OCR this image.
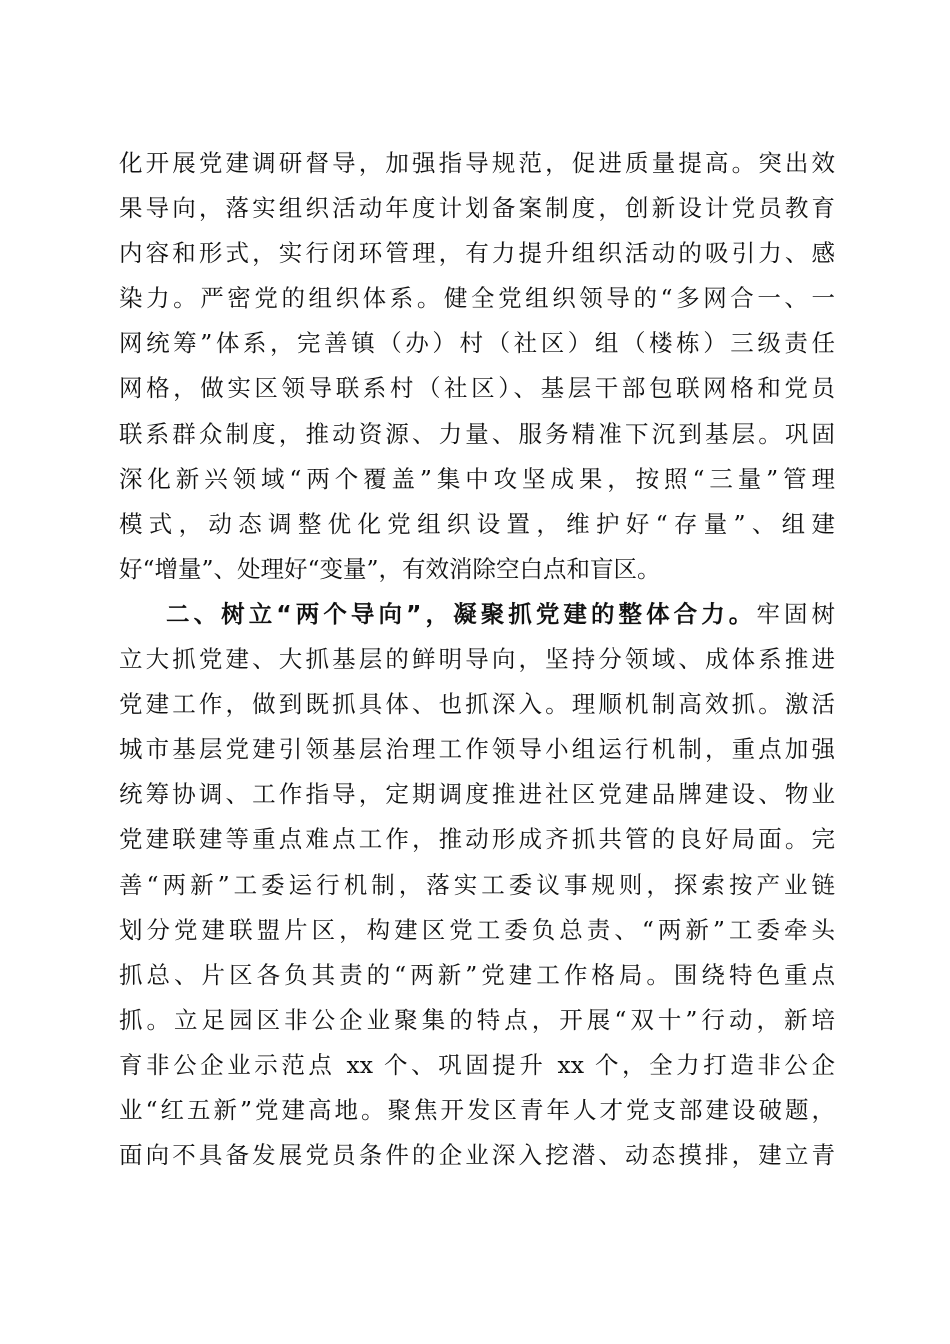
化开展党建调研督导，加强指导规范，促进质量提高。突出效
果导向，落实组织活动年度计划备案制度，创新设计党员教育
内容和形式，实行闭环管理，有力提升组织活动的吸引力、感
染力。严密党的组织体系。健全党组织领导的“多网合一、一
网统筹”体系，完善镇（办）村（社区）组（楼栋）三级责任
网格，做实区领导联系村（社区）、基层干部包联网格和党员
联系群众制度，推动资源、力量、服务精准下沉到基层。巩固
深化新兴领域“两个覆盖”集中攻坚成果，按照“三量”管理
模式，动态调整优化党组织设置，维护好“存量”、组建
好“增量”、处理好“变量”，有效消除空白点和盲区。
二、树立“两个导向”，凝聚抓党建的整体合力。牢固树
立大抓党建、大抓基层的鲜明导向，坚持分领域、成体系推进
党建工作，做到既抓具体、也抓深入。理顺机制高效抓。激活
城市基层党建引领基层治理工作领导小组运行机制，重点加强
统筹协调、工作指导，定期调度推进社区党建品牌建设、物业
党建联建等重点难点工作，推动形成齐抓共管的良好局面。完
善“两新”工委运行机制，落实工委议事规则，探索按产业链
划分党建联盟片区，构建区党工委负总责、“两新”工委牵头
抓总、片区各负其责的“两新”党建工作格局。围绕特色重点
抓。立足园区非公企业聚集的特点，开展“双十”行动，新培
育非公企业示范点 xx 个、巩固提升 xx 个，全力打造非公企
业“红五新”党建高地。聚焦开发区青年人才党支部建设破题，
面向不具备发展党员条件的企业深入挖潜、动态摸排，建立青
